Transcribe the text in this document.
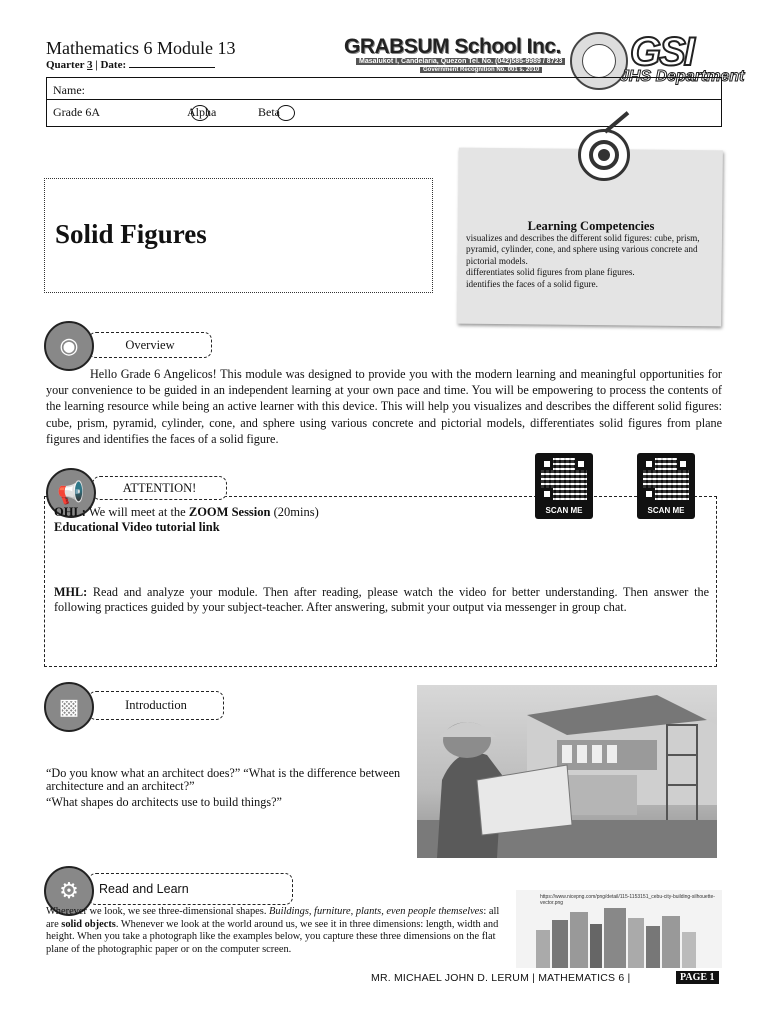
Mathematics 6 Module 13
Quarter 3 | Date:
GRABSUM School Inc.
Masalukot I, Candelaria, Quezon Tel. No. (042)585-9989 / 8723
Government Recognition No. 001 s. 2010 GSI
JHS Department
Name:
Grade 6A	Alpha	Beta
Solid Figures	Learning Competencies
visualizes and describes the different solid figures: cube, prism, pyramid, cylinder, cone, and sphere using various concrete and pictorial models.
differentiates solid figures from plane figures.
identifies the faces of a solid figure.
Overview
◉
Hello Grade 6 Angelicos! This module was designed to provide you with the modern learning and meaningful opportunities for your convenience to be guided in an independent learning at your own pace and time. You will be empowering to process the contents of the learning resource while being an active learner with this device. This will help you visualizes and describes the different solid figures: cube, prism, pyramid, cylinder, cone, and sphere using various concrete and pictorial models, differentiates solid figures from plane figures and identifies the faces of a solid figure.
ATTENTION!
📢
SCAN ME	SCAN ME
OHL: We will meet at the ZOOM Session (20mins)
Educational Video tutorial link
MHL: Read and analyze your module. Then after reading, please watch the video for better understanding. Then answer the following practices guided by your subject-teacher. After answering, submit your output via messenger in group chat.
Introduction
▩
“Do you know what an architect does?” “What is the difference between architecture and an architect?”
“What shapes do architects use to build things?”
Read and Learn
⚙
Wherever we look, we see three-dimensional shapes. Buildings, furniture, plants, even people themselves: all are solid objects. Whenever we look at the world around us, we see it in three dimensions: length, width and height. When you take a photograph like the examples below, you capture these three dimensions on the flat plane of the photographic paper or on the computer screen.
https://www.nicepng.com/png/detail/115-1153151_cebu-city-building-silhouette-vector.png
MR. MICHAEL JOHN D. LERUM | MATHEMATICS 6 |	PAGE 1
